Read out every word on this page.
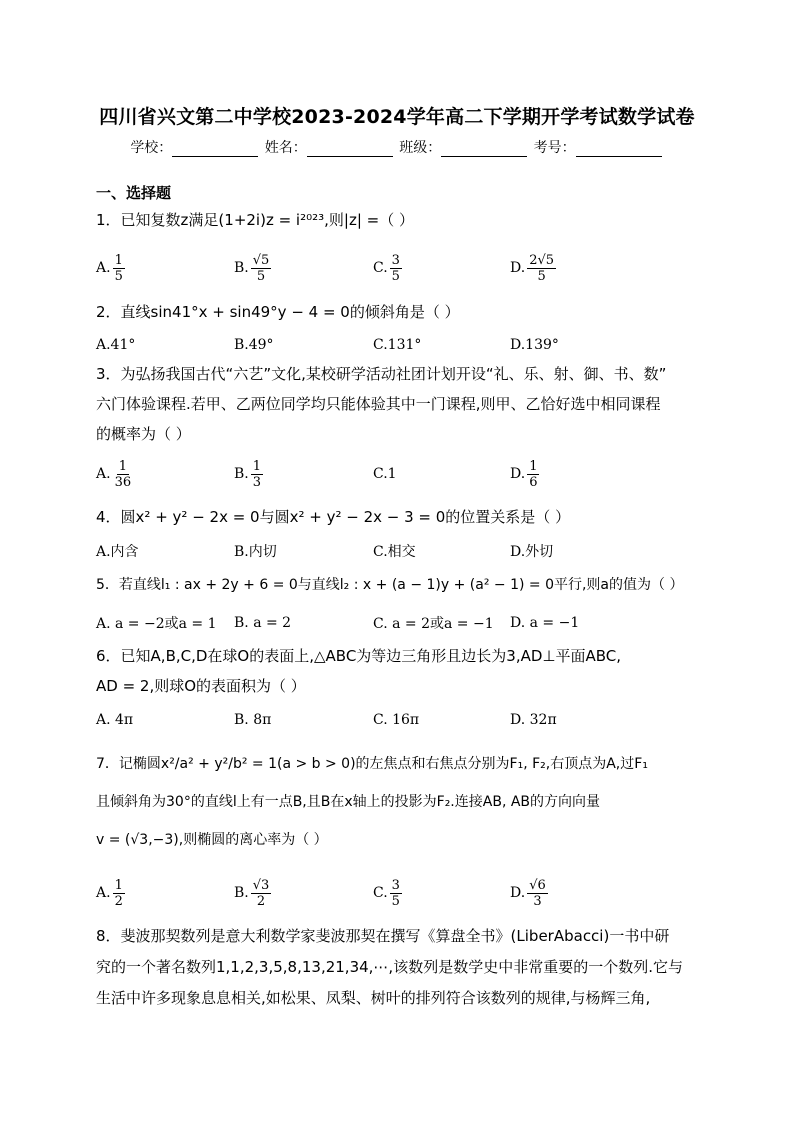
四川省兴文第二中学校2023-2024学年高二下学期开学考试数学试卷
学校：	姓名：	班级：	考号：
一、选择题
1．已知复数z满足(1+2i)z = i²⁰²³,则|z| =（ ）
A. $\frac{1}{5}$	B. $\frac{√5}{5}$	C. $\frac{3}{5}$	D. $\frac{2√5}{5}$
2．直线sin41°x + sin49°y − 4 = 0的倾斜角是（ ）
A.41°	B.49°	C.131°	D.139°
3．为弘扬我国古代“六艺”文化,某校研学活动社团计划开设“礼、乐、射、御、书、数”
六门体验课程.若甲、乙两位同学均只能体验其中一门课程,则甲、乙恰好选中相同课程
的概率为（ ）
A. $\frac{1}{36}$	B. $\frac{1}{3}$	C.1	D. $\frac{1}{6}$
4．圆x² + y² − 2x = 0与圆x² + y² − 2x − 3 = 0的位置关系是（ ）
A.内含	B.内切	C.相交	D.外切
5．若直线l₁ : ax + 2y + 6 = 0与直线l₂ : x + (a − 1)y + (a² − 1) = 0平行,则a的值为（ ）
A. a = −2或a = 1 B. a = 2	C. a = 2或a = −1 D. a = −1
6．已知A,B,C,D在球O的表面上,△ABC为等边三角形且边长为3,AD⊥平面ABC,
AD = 2,则球O的表面积为（ ）
A. 4π	B. 8π	C. 16π	D. 32π
7．记椭圆x²/a² + y²/b² = 1(a > b > 0)的左焦点和右焦点分别为F₁, F₂,右顶点为A,过F₁
且倾斜角为30°的直线l上有一点B,且B在x轴上的投影为F₂.连接AB, AB的方向向量
v = (√3,−3),则椭圆的离心率为（ ）
A. $\frac{1}{2}$	B. $\frac{√3}{2}$	C. $\frac{3}{5}$	D. $\frac{√6}{3}$
8．斐波那契数列是意大利数学家斐波那契在撰写《算盘全书》(LiberAbacci)一书中研
究的一个著名数列1,1,2,3,5,8,13,21,34,⋯,该数列是数学史中非常重要的一个数列.它与
生活中许多现象息息相关,如松果、凤梨、树叶的排列符合该数列的规律,与杨辉三角,
